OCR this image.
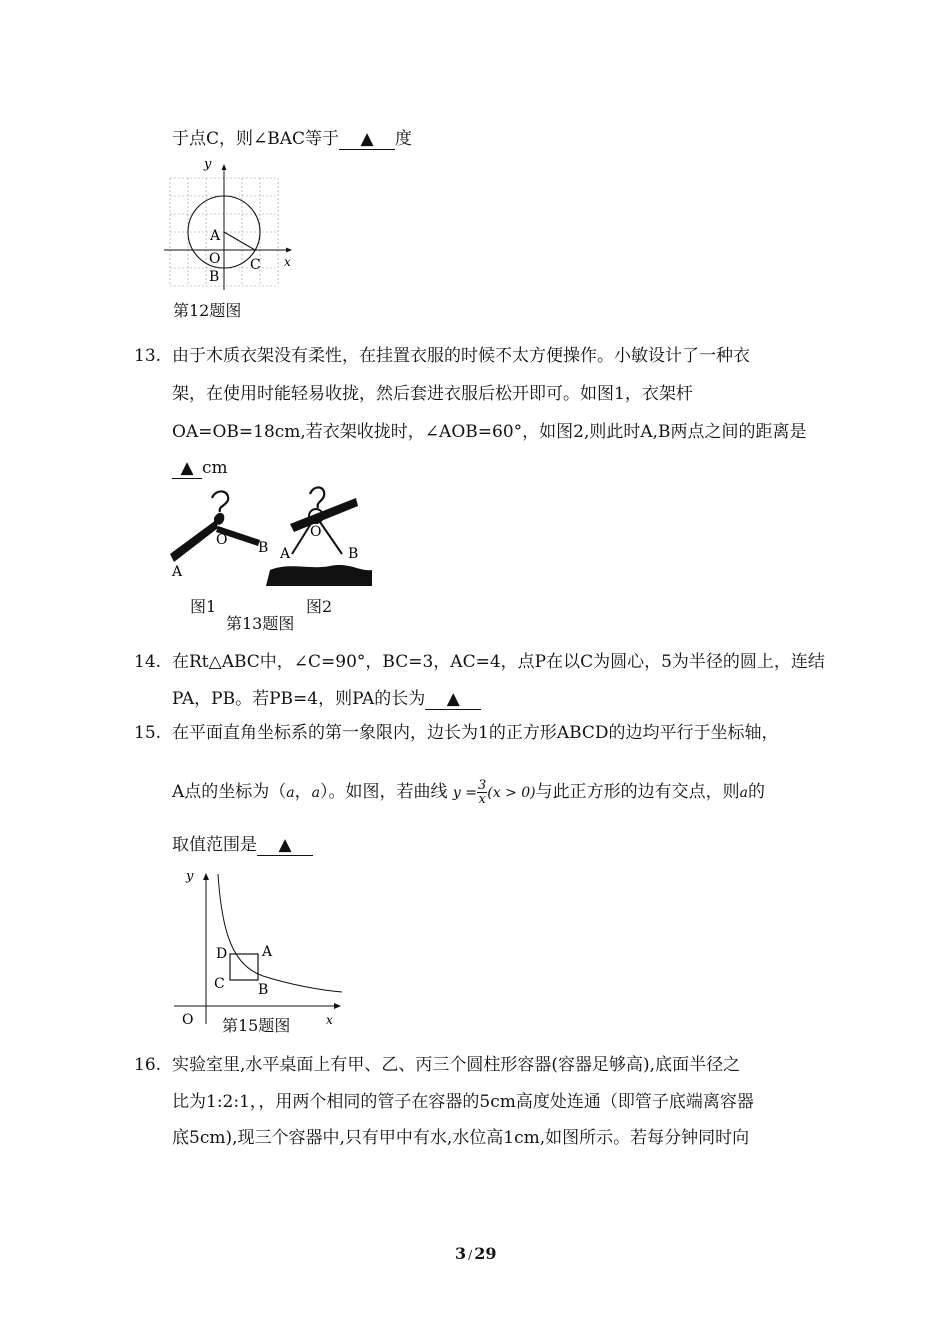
于点C，则∠BAC等于 ▲ 度
y
x
A
O
B
C
第12题图
13. 由于木质衣架没有柔性，在挂置衣服的时候不太方便操作。小敏设计了一种衣
架，在使用时能轻易收拢，然后套进衣服后松开即可。如图1，衣架杆
OA=OB=18cm,若衣架收拢时，∠AOB=60°，如图2,则此时A,B两点之间的距离是
▲ cm
O
A
B
O
A	B
图1	图2
第13题图
14. 在Rt△ABC中，∠C=90°，BC=3，AC=4，点P在以C为圆心，5为半径的圆上，连结
PA，PB。若PB=4，则PA的长为 ▲
15. 在平面直角坐标系的第一象限内，边长为1的正方形ABCD的边均平行于坐标轴，
A点的坐标为（a，a）。如图，若曲线 $y = \frac{3}{x} (x > 0)$与此正方形的边有交点，则a的
取值范围是 ▲
y
x
O
D A
C B
第15题图
16. 实验室里,水平桌面上有甲、乙、丙三个圆柱形容器(容器足够高),底面半径之
比为1:2:1，，用两个相同的管子在容器的5cm高度处连通（即管子底端离容器
底5cm),现三个容器中,只有甲中有水,水位高1cm,如图所示。若每分钟同时向
3 / 29
